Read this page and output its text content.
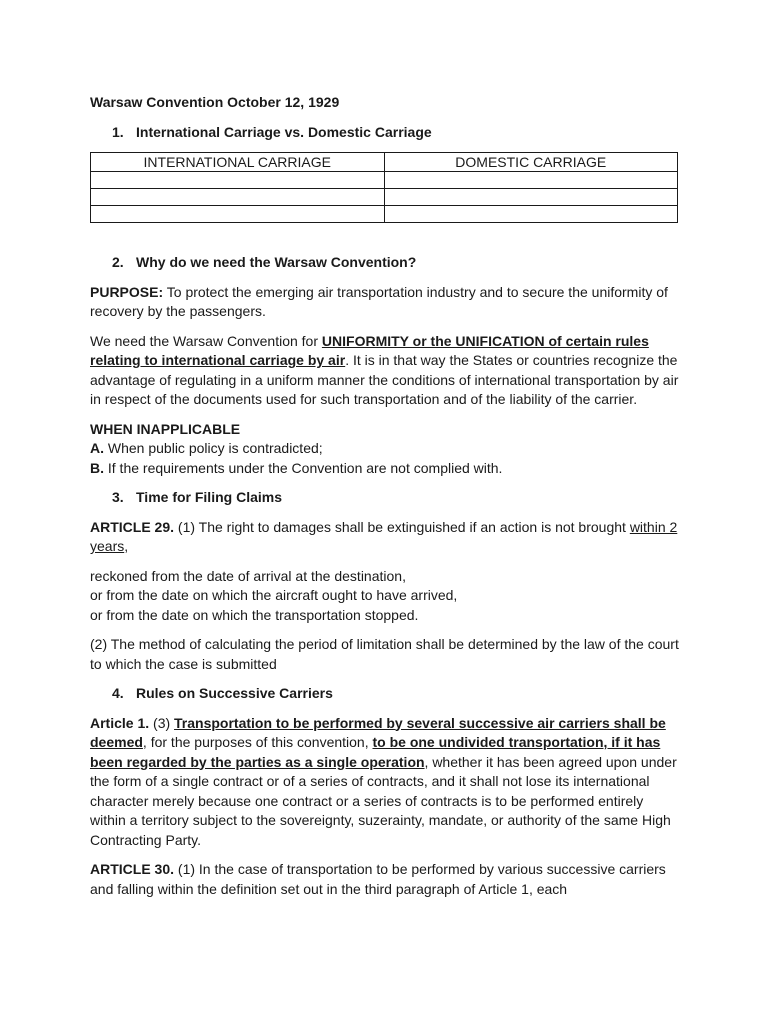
Warsaw Convention October 12, 1929

1. International Carriage vs. Domestic Carriage

INTERNATIONAL CARRIAGE	DOMESTIC CARRIAGE

2. Why do we need the Warsaw Convention?

PURPOSE: To protect the emerging air transportation industry and to secure the uniformity of recovery by the passengers.

We need the Warsaw Convention for UNIFORMITY or the UNIFICATION of certain rules relating to international carriage by air. It is in that way the States or countries recognize the advantage of regulating in a uniform manner the conditions of international transportation by air in respect of the documents used for such transportation and of the liability of the carrier.

WHEN INAPPLICABLE
A. When public policy is contradicted;
B. If the requirements under the Convention are not complied with.

3. Time for Filing Claims

ARTICLE 29. (1) The right to damages shall be extinguished if an action is not brought within 2 years,

reckoned from the date of arrival at the destination,
or from the date on which the aircraft ought to have arrived,
or from the date on which the transportation stopped.

(2) The method of calculating the period of limitation shall be determined by the law of the court to which the case is submitted

4. Rules on Successive Carriers

Article 1. (3) Transportation to be performed by several successive air carriers shall be deemed, for the purposes of this convention, to be one undivided transportation, if it has been regarded by the parties as a single operation, whether it has been agreed upon under the form of a single contract or of a series of contracts, and it shall not lose its international character merely because one contract or a series of contracts is to be performed entirely within a territory subject to the sovereignty, suzerainty, mandate, or authority of the same High Contracting Party.

ARTICLE 30. (1) In the case of transportation to be performed by various successive carriers and falling within the definition set out in the third paragraph of Article 1, each
